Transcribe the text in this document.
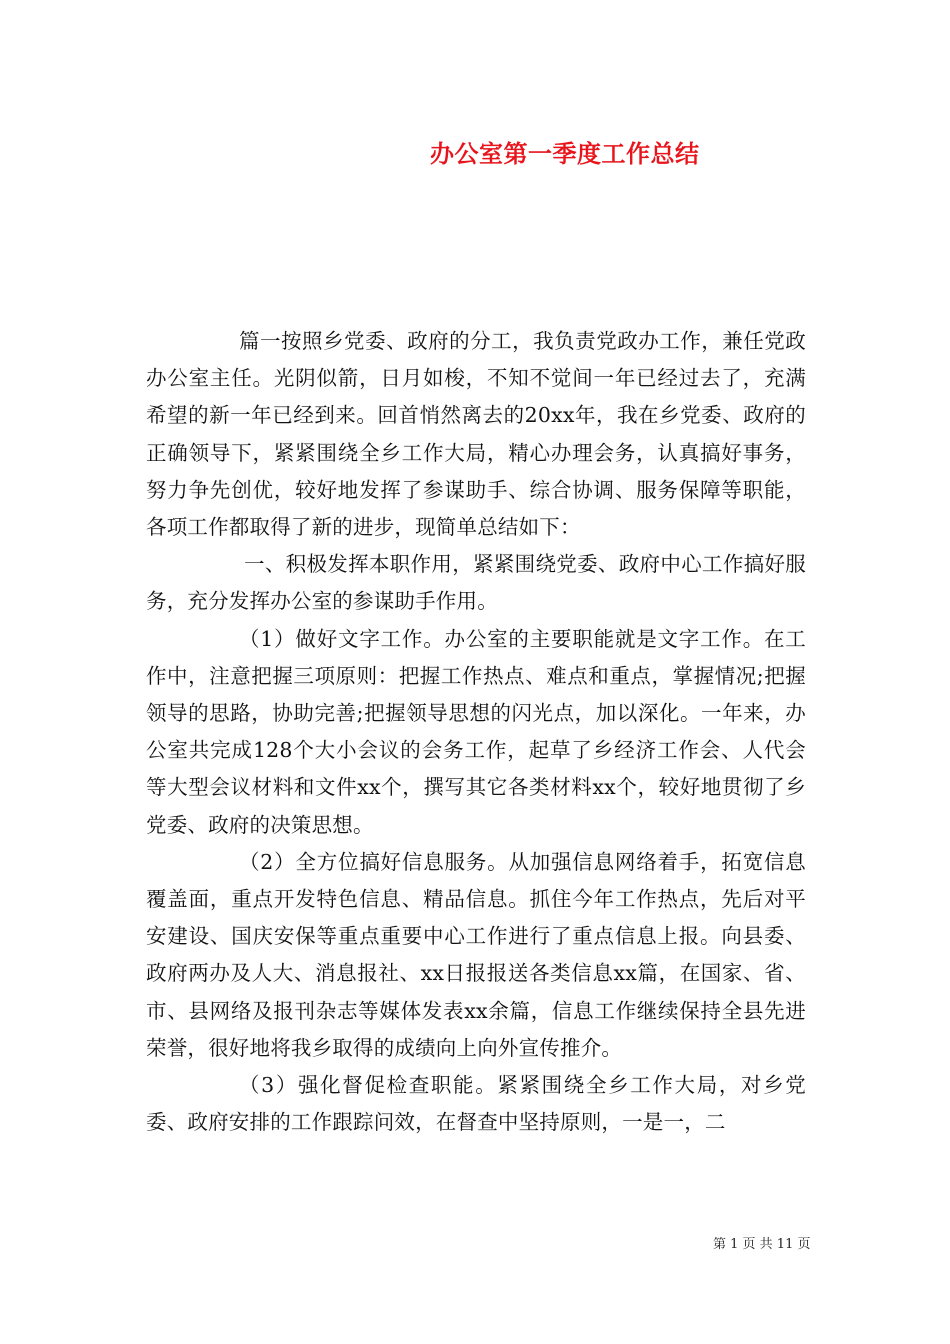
办公室第一季度工作总结

篇一按照乡党委、政府的分工，我负责党政办工作，兼任党政办公室主任。光阴似箭，日月如梭，不知不觉间一年已经过去了，充满希望的新一年已经到来。回首悄然离去的20xx年，我在乡党委、政府的正确领导下，紧紧围绕全乡工作大局，精心办理会务，认真搞好事务，努力争先创优，较好地发挥了参谋助手、综合协调、服务保障等职能，各项工作都取得了新的进步，现简单总结如下：

一、积极发挥本职作用，紧紧围绕党委、政府中心工作搞好服务，充分发挥办公室的参谋助手作用。

（1）做好文字工作。办公室的主要职能就是文字工作。在工作中，注意把握三项原则：把握工作热点、难点和重点，掌握情况;把握领导的思路，协助完善;把握领导思想的闪光点，加以深化。一年来，办公室共完成128个大小会议的会务工作，起草了乡经济工作会、人代会等大型会议材料和文件xx个，撰写其它各类材料xx个，较好地贯彻了乡党委、政府的决策思想。

（2）全方位搞好信息服务。从加强信息网络着手，拓宽信息覆盖面，重点开发特色信息、精品信息。抓住今年工作热点，先后对平安建设、国庆安保等重点重要中心工作进行了重点信息上报。向县委、政府两办及人大、消息报社、xx日报报送各类信息xx篇，在国家、省、市、县网络及报刊杂志等媒体发表xx余篇，信息工作继续保持全县先进荣誉，很好地将我乡取得的成绩向上向外宣传推介。

（3）强化督促检查职能。紧紧围绕全乡工作大局，对乡党委、政府安排的工作跟踪问效，在督查中坚持原则，一是一，二

第 1 页 共 11 页
